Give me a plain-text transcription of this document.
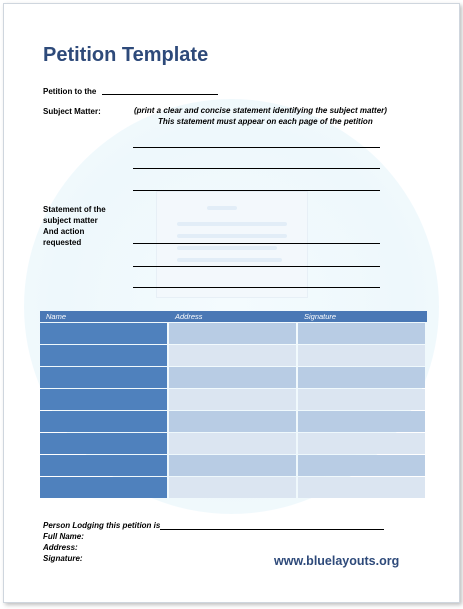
Petition Template
Petition to the
Subject Matter:	(print a clear and concise statement identifying the subject matter)
This statement must appear on each page of the petition
Statement of the
subject matter
And action
requested
Name	Address	Signature
Person Lodging this petition is
Full Name:
Address:
Signature:	www.bluelayouts.org
